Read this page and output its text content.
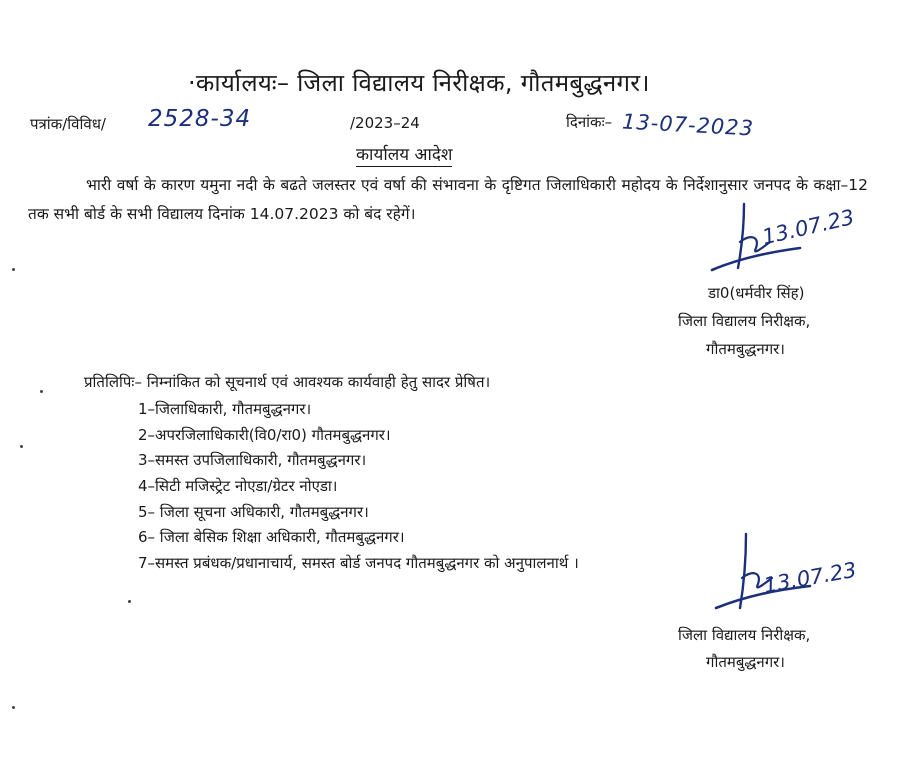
·कार्यालयः– जिला विद्यालय निरीक्षक, गौतमबुद्धनगर।
पत्रांक/विविध/ 2528-34	/2023–24	दिनांकः– 13-07-2023
कार्यालय आदेश
भारी वर्षा के कारण यमुना नदी के बढते जलस्तर एवं वर्षा की संभावना के दृष्टिगत जिलाधिकारी महोदय के निर्देशानुसार जनपद के कक्षा–12 तक सभी बोर्ड के सभी विद्यालय दिनांक 14.07.2023 को बंद रहेगें।	13.07.23
डा0(धर्मवीर सिंह)
जिला विद्यालय निरीक्षक,
गौतमबुद्धनगर।
प्रतिलिपिः– निम्नांकित को सूचनार्थ एवं आवश्यक कार्यवाही हेतु सादर प्रेषित।
1–जिलाधिकारी, गौतमबुद्धनगर।
2–अपरजिलाधिकारी(वि0/रा0) गौतमबुद्धनगर।
3–समस्त उपजिलाधिकारी, गौतमबुद्धनगर।
4–सिटी मजिस्ट्रेट नोएडा/ग्रेटर नोएडा।
5– जिला सूचना अधिकारी, गौतमबुद्धनगर।
6– जिला बेसिक शिक्षा अधिकारी, गौतमबुद्धनगर।
7–समस्त प्रबंधक/प्रधानाचार्य, समस्त बोर्ड जनपद गौतमबुद्धनगर को अनुपालनार्थ ।	13.07.23
जिला विद्यालय निरीक्षक,
गौतमबुद्धनगर।
